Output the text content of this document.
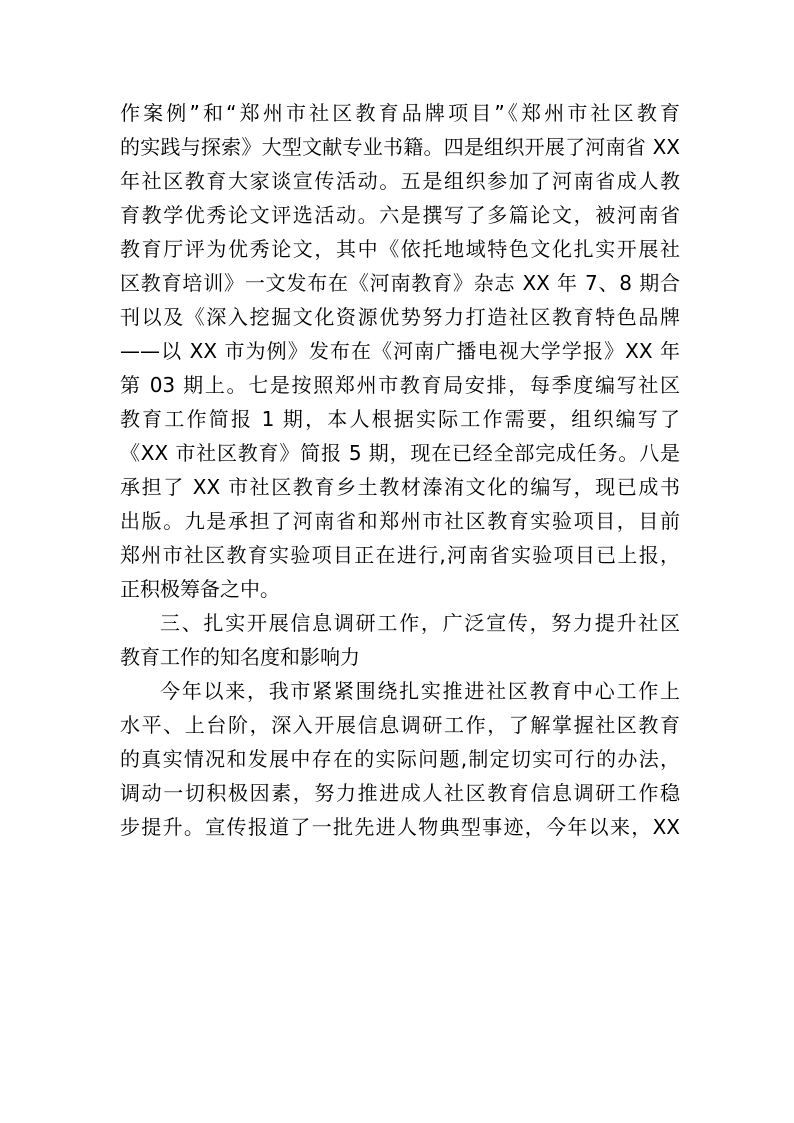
作案例”和“郑州市社区教育品牌项目”《郑州市社区教育
的实践与探索》大型文献专业书籍。四是组织开展了河南省 XX
年社区教育大家谈宣传活动。五是组织参加了河南省成人教
育教学优秀论文评选活动。六是撰写了多篇论文，被河南省
教育厅评为优秀论文，其中《依托地域特色文化扎实开展社
区教育培训》一文发布在《河南教育》杂志 XX 年 7、8 期合
刊以及《深入挖掘文化资源优势努力打造社区教育特色品牌
——以 XX 市为例》发布在《河南广播电视大学学报》XX 年
第 03 期上。七是按照郑州市教育局安排，每季度编写社区
教育工作简报 1 期，本人根据实际工作需要，组织编写了
《XX 市社区教育》简报 5 期，现在已经全部完成任务。八是
承担了 XX 市社区教育乡土教材溱洧文化的编写，现已成书
出版。九是承担了河南省和郑州市社区教育实验项目，目前
郑州市社区教育实验项目正在进行,河南省实验项目已上报，
正积极筹备之中。
三、扎实开展信息调研工作，广泛宣传，努力提升社区
教育工作的知名度和影响力
今年以来，我市紧紧围绕扎实推进社区教育中心工作上
水平、上台阶，深入开展信息调研工作，了解掌握社区教育
的真实情况和发展中存在的实际问题,制定切实可行的办法，
调动一切积极因素，努力推进成人社区教育信息调研工作稳
步提升。宣传报道了一批先进人物典型事迹，今年以来，XX
